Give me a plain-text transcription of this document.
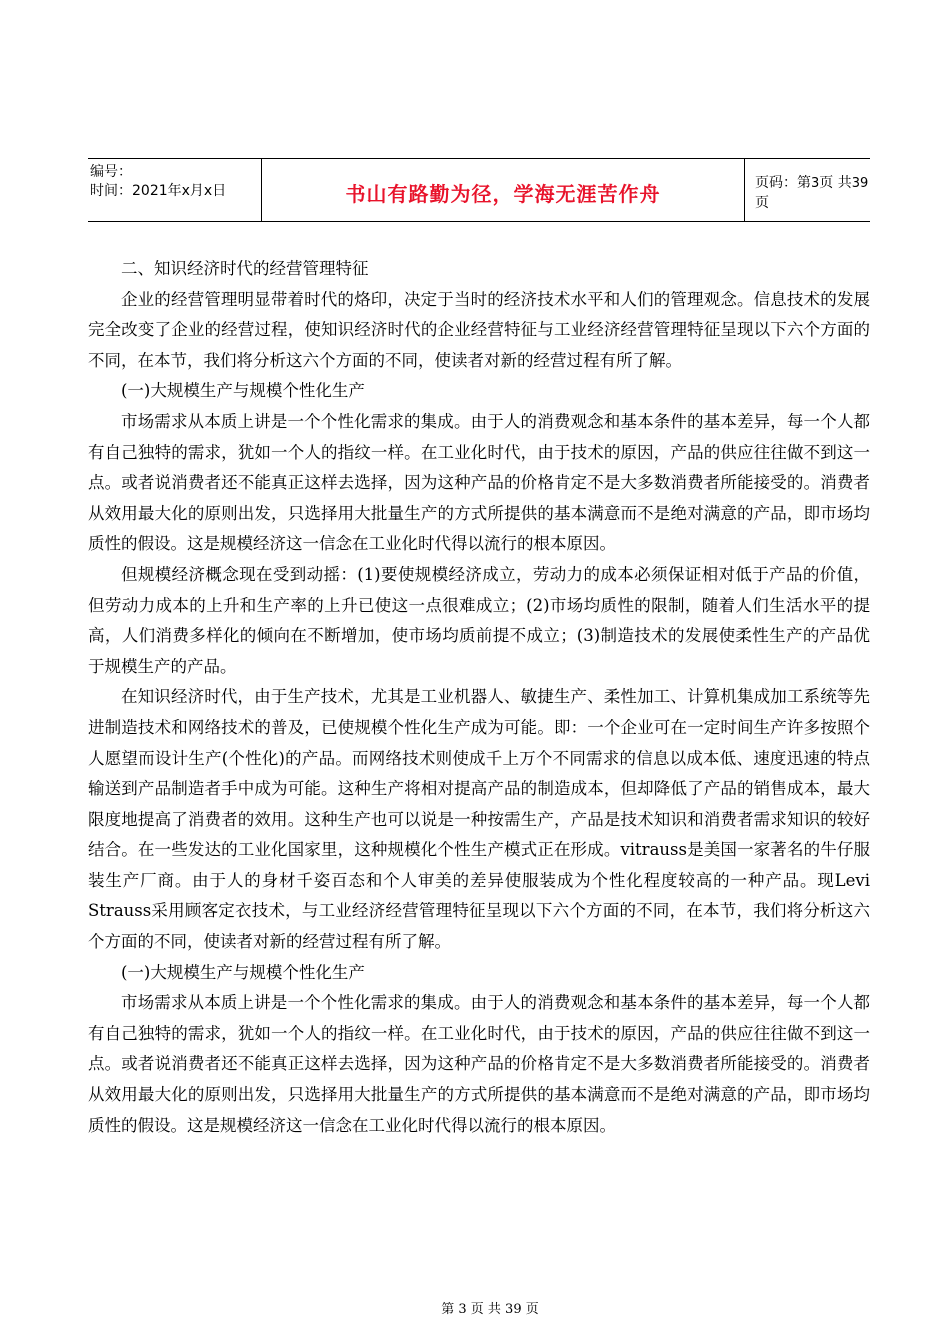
编号：
时间：2021年x月x日	书山有路勤为径，学海无涯苦作舟	页码：第3页 共39页

二、知识经济时代的经营管理特征

企业的经营管理明显带着时代的烙印，决定于当时的经济技术水平和人们的管理观念。信息技术的发展完全改变了企业的经营过程，使知识经济时代的企业经营特征与工业经济经营管理特征呈现以下六个方面的不同，在本节，我们将分析这六个方面的不同，使读者对新的经营过程有所了解。

(一)大规模生产与规模个性化生产

市场需求从本质上讲是一个个性化需求的集成。由于人的消费观念和基本条件的基本差异，每一个人都有自己独特的需求，犹如一个人的指纹一样。在工业化时代，由于技术的原因，产品的供应往往做不到这一点。或者说消费者还不能真正这样去选择，因为这种产品的价格肯定不是大多数消费者所能接受的。消费者从效用最大化的原则出发，只选择用大批量生产的方式所提供的基本满意而不是绝对满意的产品，即市场均质性的假设。这是规模经济这一信念在工业化时代得以流行的根本原因。

但规模经济概念现在受到动摇：(1)要使规模经济成立，劳动力的成本必须保证相对低于产品的价值，但劳动力成本的上升和生产率的上升已使这一点很难成立；(2)市场均质性的限制，随着人们生活水平的提高，人们消费多样化的倾向在不断增加，使市场均质前提不成立；(3)制造技术的发展使柔性生产的产品优于规模生产的产品。

在知识经济时代，由于生产技术，尤其是工业机器人、敏捷生产、柔性加工、计算机集成加工系统等先进制造技术和网络技术的普及，已使规模个性化生产成为可能。即：一个企业可在一定时间生产许多按照个人愿望而设计生产(个性化)的产品。而网络技术则使成千上万个不同需求的信息以成本低、速度迅速的特点输送到产品制造者手中成为可能。这种生产将相对提高产品的制造成本，但却降低了产品的销售成本，最大限度地提高了消费者的效用。这种生产也可以说是一种按需生产，产品是技术知识和消费者需求知识的较好结合。在一些发达的工业化国家里，这种规模化个性生产模式正在形成。vitrauss是美国一家著名的牛仔服装生产厂商。由于人的身材千姿百态和个人审美的差异使服装成为个性化程度较高的一种产品。现Levi Strauss采用顾客定衣技术，与工业经济经营管理特征呈现以下六个方面的不同，在本节，我们将分析这六个方面的不同，使读者对新的经营过程有所了解。

(一)大规模生产与规模个性化生产

市场需求从本质上讲是一个个性化需求的集成。由于人的消费观念和基本条件的基本差异，每一个人都有自己独特的需求，犹如一个人的指纹一样。在工业化时代，由于技术的原因，产品的供应往往做不到这一点。或者说消费者还不能真正这样去选择，因为这种产品的价格肯定不是大多数消费者所能接受的。消费者从效用最大化的原则出发，只选择用大批量生产的方式所提供的基本满意而不是绝对满意的产品，即市场均质性的假设。这是规模经济这一信念在工业化时代得以流行的根本原因。

第 3 页 共 39 页
